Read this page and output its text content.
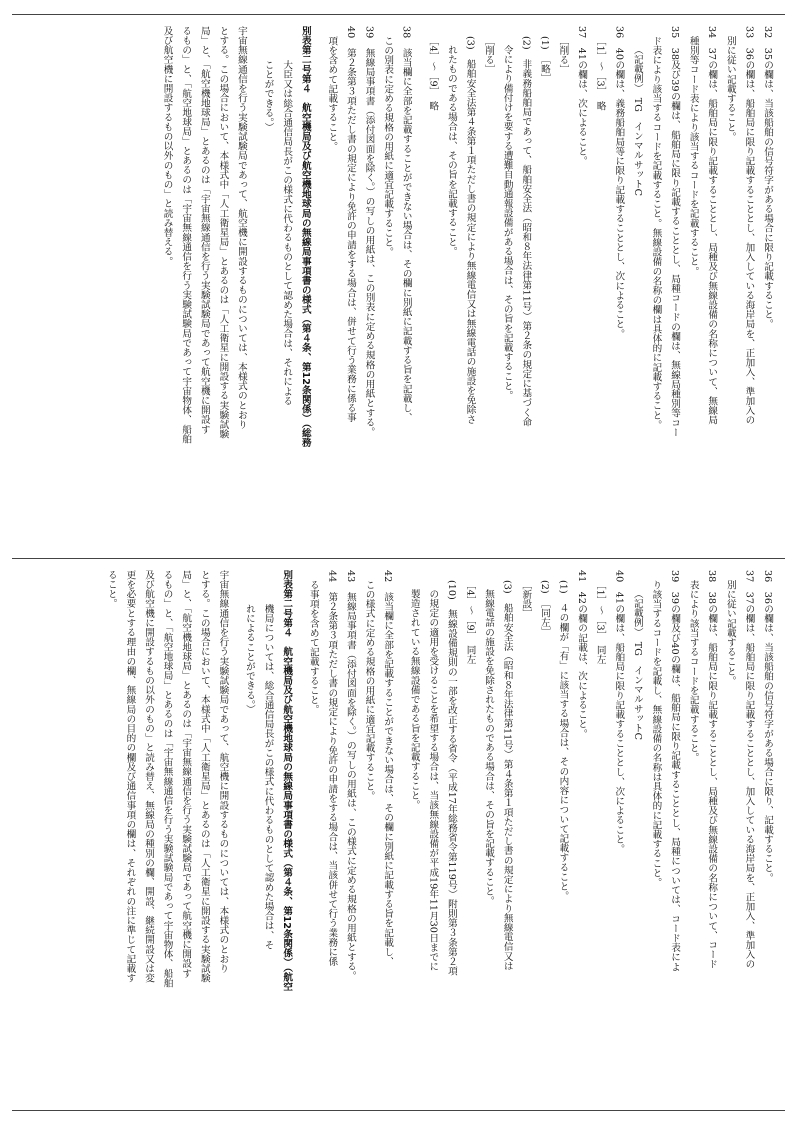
32　35の欄は、当該船舶の信号符字がある場合に限り記載すること。
33　36の欄は、船舶局に限り記載することとし、加入している海岸局を、正加入、準加入の
別に従い記載すること。
34　37の欄は、船舶局に限り記載することとし、局種及び無線設備の名称について、無線局
種別等コード表により該当するコードを記載すること。
35　38及び39の欄は、船舶局に限り記載することとし、局種コードの欄は、無線局種別等コー
ド表により該当するコードを記載すること。無線設備の名称の欄は具体的に記載すること。
（記載例）　TG　インマルサットC
36　40の欄は、義務船舶局等に限り記載することとし、次によること。
［1］〜［3］　略
37　41の欄は、次によること。
［削る］
(1)　［略］
(2)　非義務船舶局であって、船舶安全法（昭和８年法律第11号）第２条の規定に基づく命
令により備付けを要する遭難自動通報設備がある場合は、その旨を記載すること。
［削る］
(3)　船舶安全法第４条第１項ただし書の規定により無線電信又は無線電話の施設を免除さ
れたものである場合は、その旨を記載すること。
［4］〜［9］　略
38　該当欄に全部を記載することができない場合は、その欄に別紙に記載する旨を記載し、
この別表に定める規格の用紙に適宜記載すること。
39　無線局事項書（添付図面を除く。）の写しの用紙は、この別表に定める規格の用紙とする。
40　第２条第３項ただし書の規定により免許の申請をする場合は、併せて行う業務に係る事
項を含めて記載すること。
別表第二号第４　航空機局及び航空機地球局の無線局事項書の様式（第４条、第12条関係）（総務
大臣又は総合通信局長がこの様式に代わるものとして認めた場合は、それによる
ことができる。）
宇宙無線通信を行う実験試験局であって、航空機に開設するものについては、本様式のとおり
とする。この場合において、本様式中「人工衛星局」とあるのは「人工衛星に開設する実験試験
局」と、「航空機地球局」とあるのは「宇宙無線通信を行う実験試験局であって航空機に開設す
るもの」と、「航空地球局」とあるのは「宇宙無線通信を行う実験試験局であって宇宙物体、船舶
及び航空機に開設するもの以外のもの」と読み替える。
36　36の欄は、当該船舶の信号符字がある場合に限り、記載すること。
37　37の欄は、船舶局に限り記載することとし、加入している海岸局を、正加入、準加入の
別に従い記載すること。
38　38の欄は、船舶局に限り記載することとし、局種及び無線設備の名称について、コード
表により該当するコードを記載すること。
39　39の欄及び40の欄は、船舶局に限り記載することとし、局種については、コード表によ
り該当するコードを記載し、無線設備の名称は具体的に記載すること。
（記載例）　TG　インマルサットC
40　41の欄は、船舶局に限り記載することとし、次によること。
［1］〜［3］　同左
41　42の欄の記載は、次によること。
(1)　４の欄が「有」に該当する場合は、その内容について記載すること。
(2)　［同左］
［新設］
(3)　船舶安全法（昭和８年法律第11号）第４条第１項ただし書の規定により無線電信又は
無線電話の施設を免除されたものである場合は、その旨を記載すること。
［4］〜［9］　同左
(10)　無線設備規則の一部を改正する省令（平成17年総務省令第119号）附則第３条第２項
の規定の適用を受けることを希望する場合は、当該無線設備が平成19年11月30日までに
製造されている無線設備である旨を記載すること。
42　該当欄に全部を記載することができない場合は、その欄に別紙に記載する旨を記載し、
この様式に定める規格の用紙に適宜記載すること。
43　無線局事項書（添付図面を除く。）の写しの用紙は、この様式に定める規格の用紙とする。
44　第２条第３項ただし書の規定により免許の申請をする場合は、当該併せて行う業務に係
る事項を含めて記載すること。
別表第二号第４　航空機局及び航空機地球局の無線局事項書の様式（第４条、第12条関係）（航空
機局については、総合通信局長がこの様式に代わるものとして認めた場合は、そ
れによることができる。）
宇宙無線通信を行う実験試験局であって、航空機に開設するものについては、本様式のとおり
とする。この場合において、本様式中「人工衛星局」とあるのは「人工衛星に開設する実験試験
局」と、「航空機地球局」とあるのは「宇宙無線通信を行う実験試験局であって航空機に開設す
るもの」と、「航空地球局」とあるのは「宇宙無線通信を行う実験試験局であって宇宙物体、船舶
及び航空機に開設するもの以外のもの」と読み替え、無線局の種別の欄、開設、継続開設又は変
更を必要とする理由の欄、無線局の目的の欄及び通信事項の欄は、それぞれの注に準じて記載す
ること。
